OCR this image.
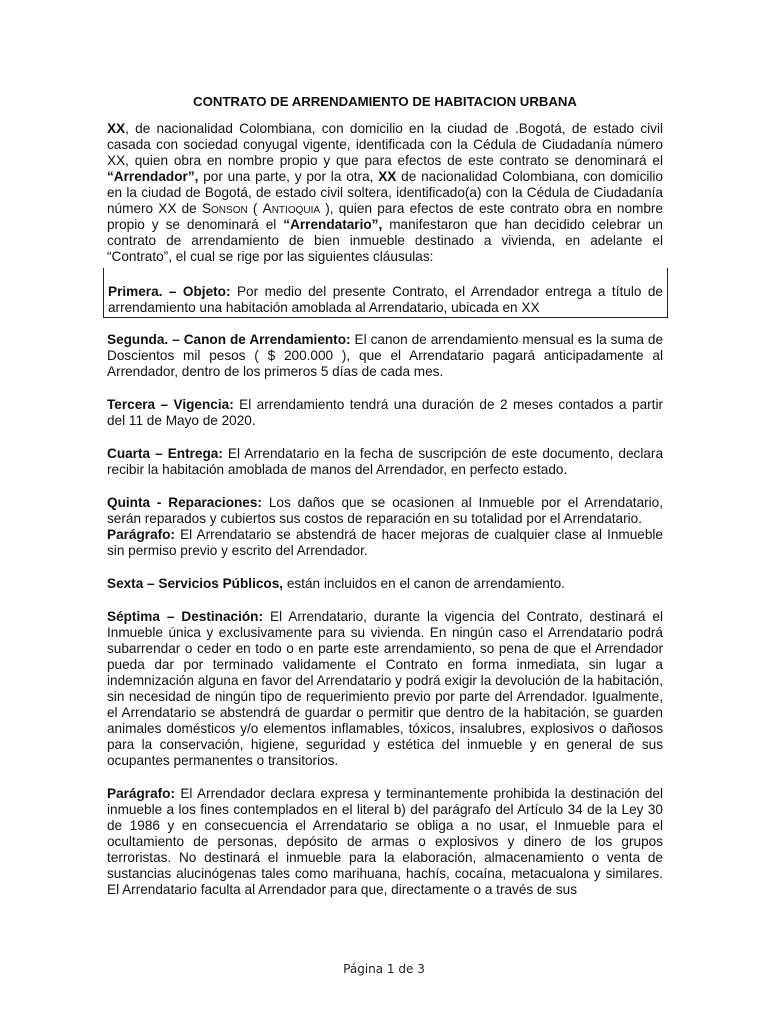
CONTRATO DE ARRENDAMIENTO DE HABITACION URBANA

XX, de nacionalidad Colombiana, con domicilio en la ciudad de .Bogotá, de estado civil casada con sociedad conyugal vigente, identificada con la Cédula de Ciudadanía número XX, quien obra en nombre propio y que para efectos de este contrato se denominará el “Arrendador”, por una parte, y por la otra, XX de nacionalidad Colombiana, con domicilio en la ciudad de Bogotá, de estado civil soltera, identificado(a) con la Cédula de Ciudadanía número XX de Sonson ( Antioquia ), quien para efectos de este contrato obra en nombre propio y se denominará el “Arrendatario”, manifestaron que han decidido celebrar un contrato de arrendamiento de bien inmueble destinado a vivienda, en adelante el “Contrato”, el cual se rige por las siguientes cláusulas:

Primera. – Objeto: Por medio del presente Contrato, el Arrendador entrega a título de arrendamiento una habitación amoblada al Arrendatario, ubicada en XX

Segunda. – Canon de Arrendamiento: El canon de arrendamiento mensual es la suma de Doscientos mil pesos ( $ 200.000 ), que el Arrendatario pagará anticipadamente al Arrendador, dentro de los primeros 5 días de cada mes.

Tercera – Vigencia: El arrendamiento tendrá una duración de 2 meses contados a partir del 11 de Mayo de 2020.

Cuarta – Entrega: El Arrendatario en la fecha de suscripción de este documento, declara recibir la habitación amoblada de manos del Arrendador, en perfecto estado.

Quinta - Reparaciones: Los daños que se ocasionen al Inmueble por el Arrendatario, serán reparados y cubiertos sus costos de reparación en su totalidad por el Arrendatario.

Parágrafo: El Arrendatario se abstendrá de hacer mejoras de cualquier clase al Inmueble sin permiso previo y escrito del Arrendador.

Sexta – Servicios Públicos, están incluidos en el canon de arrendamiento.

Séptima – Destinación: El Arrendatario, durante la vigencia del Contrato, destinará el Inmueble única y exclusivamente para su vivienda. En ningún caso el Arrendatario podrá subarrendar o ceder en todo o en parte este arrendamiento, so pena de que el Arrendador pueda dar por terminado validamente el Contrato en forma inmediata, sin lugar a indemnización alguna en favor del Arrendatario y podrá exigir la devolución de la habitación, sin necesidad de ningún tipo de requerimiento previo por parte del Arrendador. Igualmente, el Arrendatario se abstendrá de guardar o permitir que dentro de la habitación, se guarden animales domésticos y/o elementos inflamables, tóxicos, insalubres, explosivos o dañosos para la conservación, higiene, seguridad y estética del inmueble y en general de sus ocupantes permanentes o transitorios.

Parágrafo: El Arrendador declara expresa y terminantemente prohibida la destinación del inmueble a los fines contemplados en el literal b) del parágrafo del Artículo 34 de la Ley 30 de 1986 y en consecuencia el Arrendatario se obliga a no usar, el Inmueble para el ocultamiento de personas, depósito de armas o explosivos y dinero de los grupos terroristas. No destinará el inmueble para la elaboración, almacenamiento o venta de sustancias alucinógenas tales como marihuana, hachís, cocaína, metacualona y similares. El Arrendatario faculta al Arrendador para que, directamente o a través de sus

Página 1 de 3
